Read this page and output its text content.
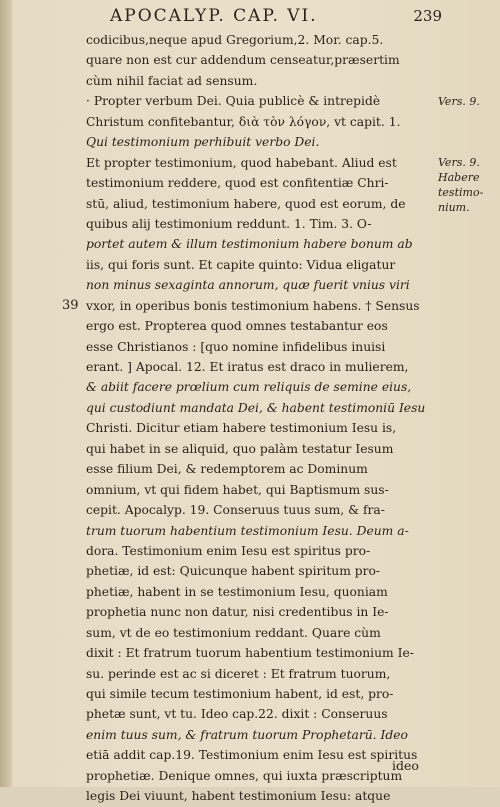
APOCALYP. CAP. VI.	239
codicibus,neque apud Gregorium,2. Mor. cap.5.
quare non est cur addendum censeatur,præsertim
cùm nihil faciat ad sensum.
· Propter verbum Dei. Quia publicè & intrepidè
Christum confitebantur, διὰ τὸν λόγον, vt capit. 1.
Qui testimonium perhibuit verbo Dei.
Et propter testimonium, quod habebant. Aliud est
testimonium reddere, quod est confitentiæ Chri-
stū, aliud, testimonium habere, quod est eorum, de
quibus alij testimonium reddunt. 1. Tim. 3. O-
portet autem & illum testimonium habere bonum ab
iis, qui foris sunt. Et capite quinto: Vidua eligatur
non minus sexaginta annorum, quæ fuerit vnius viri
39 vxor, in operibus bonis testimonium habens. † Sensus
ergo est. Propterea quod omnes testabantur eos
esse Christianos : [quo nomine infidelibus inuisi
erant. ] Apocal. 12. Et iratus est draco in mulierem,
& abiit facere prœlium cum reliquis de semine eius,
qui custodiunt mandata Dei, & habent testimoniū Iesu
Christi. Dicitur etiam habere testimonium Iesu is,
qui habet in se aliquid, quo palàm testatur Iesum
esse filium Dei, & redemptorem ac Dominum
omnium, vt qui fidem habet, qui Baptismum sus-
cepit. Apocalyp. 19. Conseruus tuus sum, & fra-
trum tuorum habentium testimonium Iesu. Deum a-
dora. Testimonium enim Iesu est spiritus pro-
phetiæ, id est: Quicunque habent spiritum pro-
phetiæ, habent in se testimonium Iesu, quoniam
prophetia nunc non datur, nisi credentibus in Ie-
sum, vt de eo testimonium reddant. Quare cùm
dixit : Et fratrum tuorum habentium testimonium Ie-
su. perinde est ac si diceret : Et fratrum tuorum,
qui simile tecum testimonium habent, id est, pro-
phetæ sunt, vt tu. Ideo cap.22. dixit : Conseruus
enim tuus sum, & fratrum tuorum Prophetarū. Ideo
etiā addit cap.19. Testimonium enim Iesu est spiritus
prophetiæ. Denique omnes, qui iuxta præscriptum
legis Dei viuunt, habent testimonium Iesu: atque
Vers. 9.
Vers. 9.
Habere
testimo-
nium.
ideo
